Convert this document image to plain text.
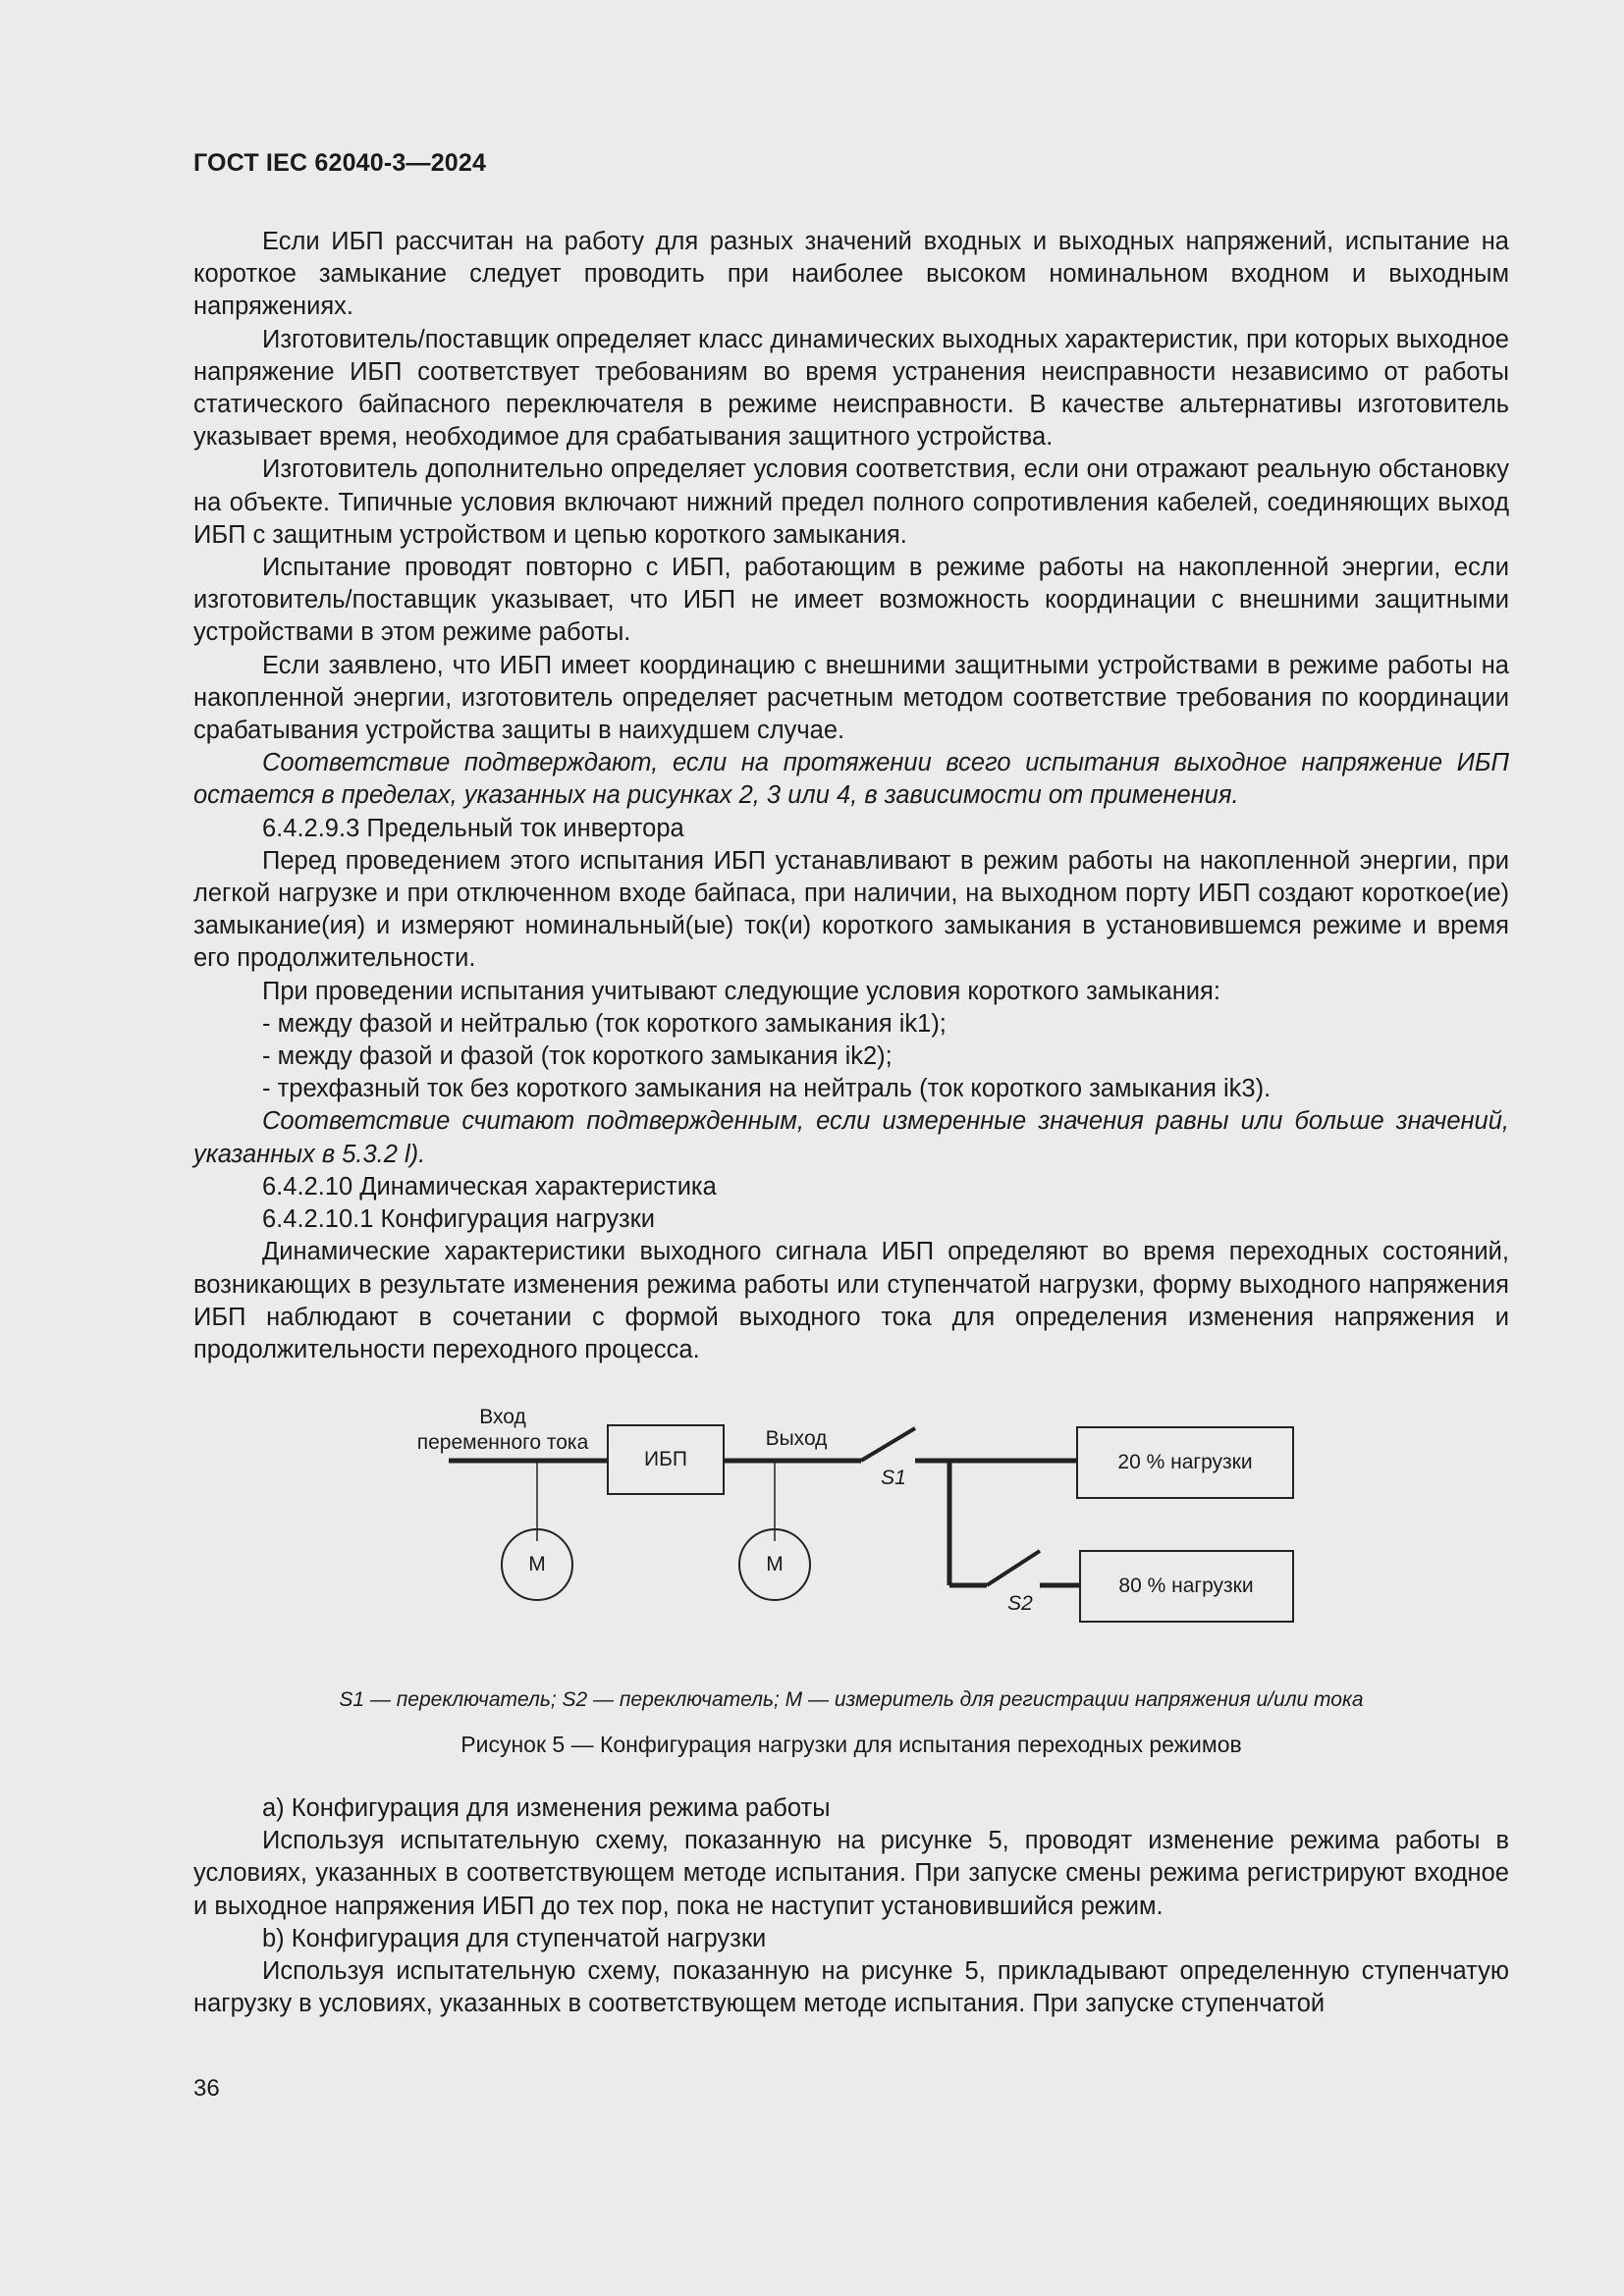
ГОСТ IEC 62040-3—2024

Если ИБП рассчитан на работу для разных значений входных и выходных напряжений, испытание на короткое замыкание следует проводить при наиболее высоком номинальном входном и выходным напряжениях.

Изготовитель/поставщик определяет класс динамических выходных характеристик, при которых выходное напряжение ИБП соответствует требованиям во время устранения неисправности независимо от работы статического байпасного переключателя в режиме неисправности. В качестве альтернативы изготовитель указывает время, необходимое для срабатывания защитного устройства.

Изготовитель дополнительно определяет условия соответствия, если они отражают реальную обстановку на объекте. Типичные условия включают нижний предел полного сопротивления кабелей, соединяющих выход ИБП с защитным устройством и цепью короткого замыкания.

Испытание проводят повторно с ИБП, работающим в режиме работы на накопленной энергии, если изготовитель/поставщик указывает, что ИБП не имеет возможность координации с внешними защитными устройствами в этом режиме работы.

Если заявлено, что ИБП имеет координацию с внешними защитными устройствами в режиме работы на накопленной энергии, изготовитель определяет расчетным методом соответствие требования по координации срабатывания устройства защиты в наихудшем случае.

Соответствие подтверждают, если на протяжении всего испытания выходное напряжение ИБП остается в пределах, указанных на рисунках 2, 3 или 4, в зависимости от применения.

6.4.2.9.3 Предельный ток инвертора

Перед проведением этого испытания ИБП устанавливают в режим работы на накопленной энергии, при легкой нагрузке и при отключенном входе байпаса, при наличии, на выходном порту ИБП создают короткое(ие) замыкание(ия) и измеряют номинальный(ые) ток(и) короткого замыкания в установившемся режиме и время его продолжительности.

При проведении испытания учитывают следующие условия короткого замыкания:

- между фазой и нейтралью (ток короткого замыкания ik1);

- между фазой и фазой (ток короткого замыкания ik2);

- трехфазный ток без короткого замыкания на нейтраль (ток короткого замыкания ik3).

Соответствие считают подтвержденным, если измеренные значения равны или больше значений, указанных в 5.3.2 l).

6.4.2.10 Динамическая характеристика

6.4.2.10.1 Конфигурация нагрузки

Динамические характеристики выходного сигнала ИБП определяют во время переходных состояний, возникающих в результате изменения режима работы или ступенчатой нагрузки, форму выходного напряжения ИБП наблюдают в сочетании с формой выходного тока для определения изменения напряжения и продолжительности переходного процесса.

Вход
переменного тока
ИБП
Выход
S1
S2
20 % нагрузки
80 % нагрузки
M	M
S1 — переключатель; S2 — переключатель; M — измеритель для регистрации напряжения u/или тока
Рисунок 5 — Конфигурация нагрузки для испытания переходных режимов

а) Конфигурация для изменения режима работы

Используя испытательную схему, показанную на рисунке 5, проводят изменение режима работы в условиях, указанных в соответствующем методе испытания. При запуске смены режима регистрируют входное и выходное напряжения ИБП до тех пор, пока не наступит установившийся режим.

b) Конфигурация для ступенчатой нагрузки

Используя испытательную схему, показанную на рисунке 5, прикладывают определенную ступенчатую нагрузку в условиях, указанных в соответствующем методе испытания. При запуске ступенчатой

36
